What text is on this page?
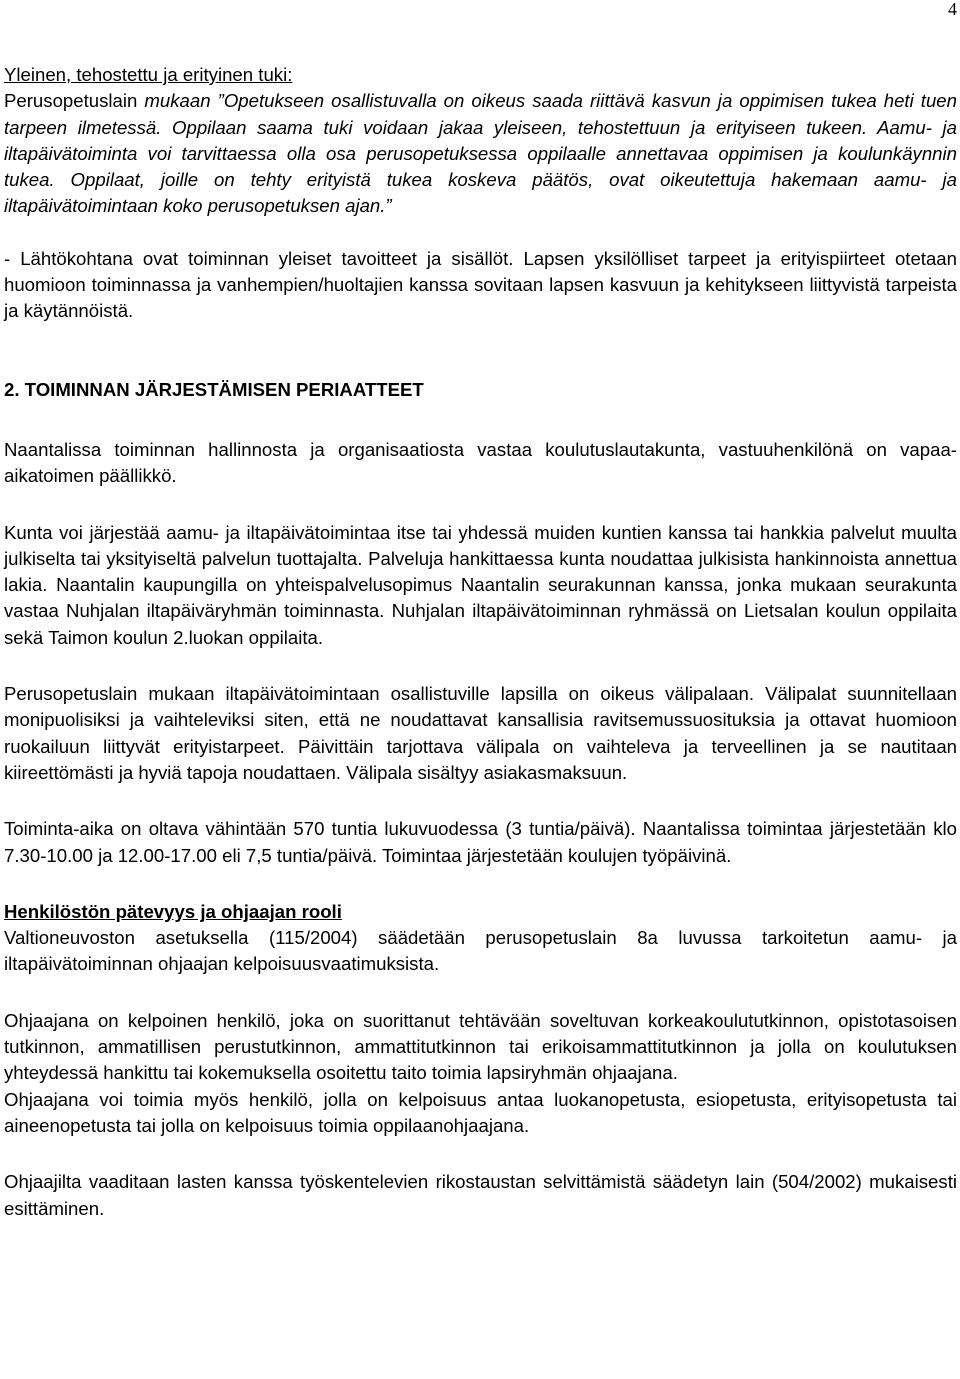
4

Yleinen, tehostettu ja erityinen tuki:

Perusopetuslain mukaan ”Opetukseen osallistuvalla on oikeus saada riittävä kasvun ja oppimisen tukea heti tuen tarpeen ilmetessä. Oppilaan saama tuki voidaan jakaa yleiseen, tehostettuun ja erityiseen tukeen. Aamu- ja iltapäivätoiminta voi tarvittaessa olla osa perusopetuksessa oppilaalle annettavaa oppimisen ja koulunkäynnin tukea. Oppilaat, joille on tehty erityistä tukea koskeva päätös, ovat oikeutettuja hakemaan aamu- ja iltapäivätoimintaan koko perusopetuksen ajan.”

- Lähtökohtana ovat toiminnan yleiset tavoitteet ja sisällöt. Lapsen yksilölliset tarpeet ja erityispiirteet otetaan huomioon toiminnassa ja vanhempien/huoltajien kanssa sovitaan lapsen kasvuun ja kehitykseen liittyvistä tarpeista ja käytännöistä.

2. TOIMINNAN JÄRJESTÄMISEN PERIAATTEET

Naantalissa toiminnan hallinnosta ja organisaatiosta vastaa koulutuslautakunta, vastuuhenkilönä on vapaa-aikatoimen päällikkö.

Kunta voi järjestää aamu- ja iltapäivätoimintaa itse tai yhdessä muiden kuntien kanssa tai hankkia palvelut muulta julkiselta tai yksityiseltä palvelun tuottajalta. Palveluja hankittaessa kunta noudattaa julkisista hankinnoista annettua lakia. Naantalin kaupungilla on yhteispalvelusopimus Naantalin seurakunnan kanssa, jonka mukaan seurakunta vastaa Nuhjalan iltapäiväryhmän toiminnasta. Nuhjalan iltapäivätoiminnan ryhmässä on Lietsalan koulun oppilaita sekä Taimon koulun 2.luokan oppilaita.

Perusopetuslain mukaan iltapäivätoimintaan osallistuville lapsilla on oikeus välipalaan. Välipalat suunnitellaan monipuolisiksi ja vaihteleviksi siten, että ne noudattavat kansallisia ravitsemussuosituksia ja ottavat huomioon ruokailuun liittyvät erityistarpeet. Päivittäin tarjottava välipala on vaihteleva ja terveellinen ja se nautitaan kiireettömästi ja hyviä tapoja noudattaen. Välipala sisältyy asiakasmaksuun.

Toiminta-aika on oltava vähintään 570 tuntia lukuvuodessa (3 tuntia/päivä). Naantalissa toimintaa järjestetään klo 7.30-10.00 ja 12.00-17.00 eli 7,5 tuntia/päivä. Toimintaa järjestetään koulujen työpäivinä.

Henkilöstön pätevyys ja ohjaajan rooli

Valtioneuvoston asetuksella (115/2004) säädetään perusopetuslain 8a luvussa tarkoitetun aamu- ja iltapäivätoiminnan ohjaajan kelpoisuusvaatimuksista.

Ohjaajana on kelpoinen henkilö, joka on suorittanut tehtävään soveltuvan korkeakoulututkinnon, opistotasoisen tutkinnon, ammatillisen perustutkinnon, ammattitutkinnon tai erikoisammattitutkinnon ja jolla on koulutuksen yhteydessä hankittu tai kokemuksella osoitettu taito toimia lapsiryhmän ohjaajana.

Ohjaajana voi toimia myös henkilö, jolla on kelpoisuus antaa luokanopetusta, esiopetusta, erityisopetusta tai aineenopetusta tai jolla on kelpoisuus toimia oppilaanohjaajana.

Ohjaajilta vaaditaan lasten kanssa työskentelevien rikostaustan selvittämistä säädetyn lain (504/2002) mukaisesti esittäminen.
